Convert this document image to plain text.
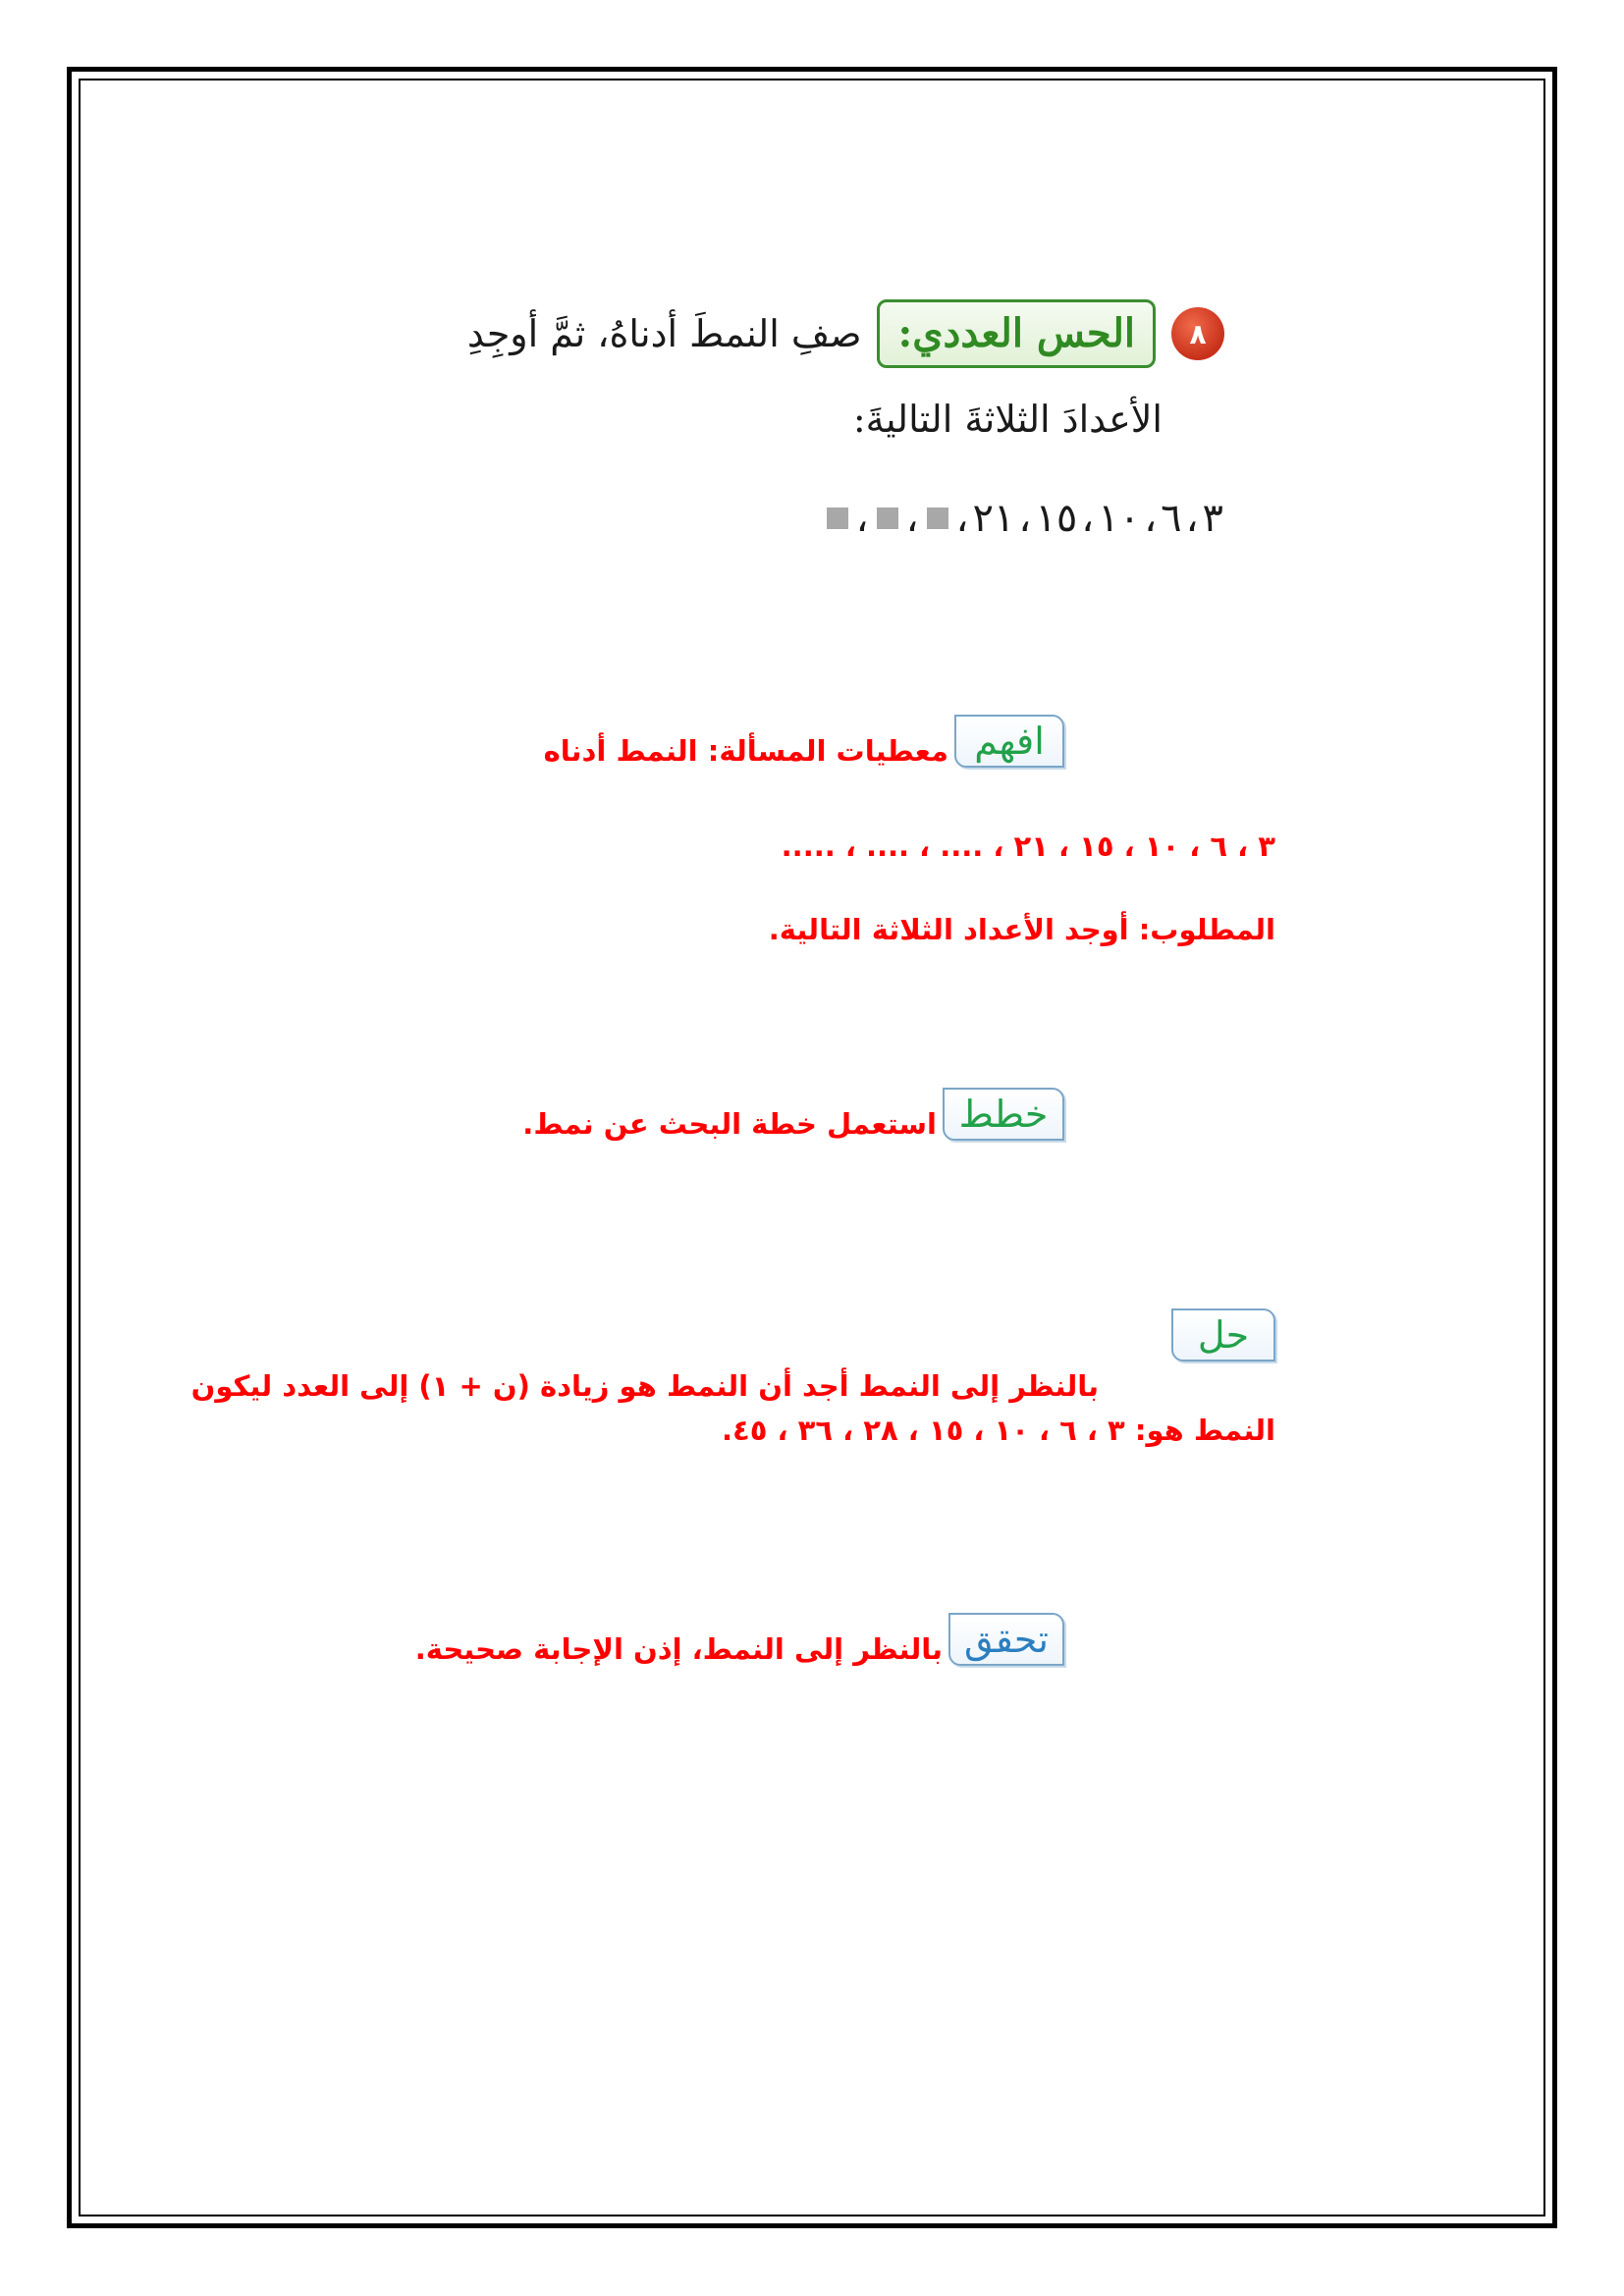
٨
الحس العددي:
صفِ النمطَ أدناهُ، ثمَّ أوجِدِ
الأعدادَ الثلاثةَ التاليةَ:
٣
،
٦
،
١٠
،
١٥
،
٢١
،
،
،
افهم
معطيات المسألة: النمط أدناه
٣ ، ٦ ، ١٠ ، ١٥ ، ٢١ ، .... ، .... ، .....
المطلوب: أوجد الأعداد الثلاثة التالية.
خطط
استعمل خطة البحث عن نمط.
حل
بالنظر إلى النمط أجد أن النمط هو زيادة (ن + ١) إلى العدد ليكون
النمط هو: ٣ ، ٦ ، ١٠ ، ١٥ ، ٢٨ ، ٣٦ ، ٤٥.
تحقق
بالنظر إلى النمط، إذن الإجابة صحيحة.
